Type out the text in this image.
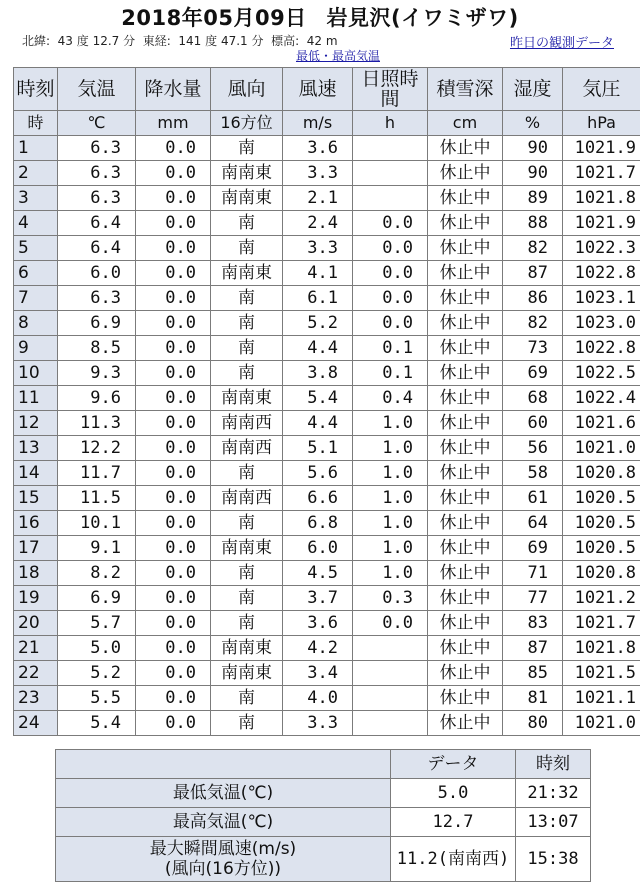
2018年05月09日 岩見沢(イワミザワ)
北緯:  43 度 12.7 分  東経:  141 度 47.1 分  標高:  42 m	昨日の観測データ
最低・最高気温
時刻	気温	降水量	風向	風速	日照時間	積雪深	湿度	気圧
時	℃	mm	16方位	m/s	h	cm	%	hPa
1	6.3	0.0	南	3.6		休止中	90	1021.9
2	6.3	0.0	南南東	3.3		休止中	90	1021.7
3	6.3	0.0	南南東	2.1		休止中	89	1021.8
4	6.4	0.0	南	2.4	0.0	休止中	88	1021.9
5	6.4	0.0	南	3.3	0.0	休止中	82	1022.3
6	6.0	0.0	南南東	4.1	0.0	休止中	87	1022.8
7	6.3	0.0	南	6.1	0.0	休止中	86	1023.1
8	6.9	0.0	南	5.2	0.0	休止中	82	1023.0
9	8.5	0.0	南	4.4	0.1	休止中	73	1022.8
10	9.3	0.0	南	3.8	0.1	休止中	69	1022.5
11	9.6	0.0	南南東	5.4	0.4	休止中	68	1022.4
12	11.3	0.0	南南西	4.4	1.0	休止中	60	1021.6
13	12.2	0.0	南南西	5.1	1.0	休止中	56	1021.0
14	11.7	0.0	南	5.6	1.0	休止中	58	1020.8
15	11.5	0.0	南南西	6.6	1.0	休止中	61	1020.5
16	10.1	0.0	南	6.8	1.0	休止中	64	1020.5
17	9.1	0.0	南南東	6.0	1.0	休止中	69	1020.5
18	8.2	0.0	南	4.5	1.0	休止中	71	1020.8
19	6.9	0.0	南	3.7	0.3	休止中	77	1021.2
20	5.7	0.0	南	3.6	0.0	休止中	83	1021.7
21	5.0	0.0	南南東	4.2		休止中	87	1021.8
22	5.2	0.0	南南東	3.4		休止中	85	1021.5
23	5.5	0.0	南	4.0		休止中	81	1021.1
24	5.4	0.0	南	3.3		休止中	80	1021.0
	データ	時刻
最低気温(℃)	5.0	21:32
最高気温(℃)	12.7	13:07
最大瞬間風速(m/s)
(風向(16方位))	11.2(南南西)	15:38
